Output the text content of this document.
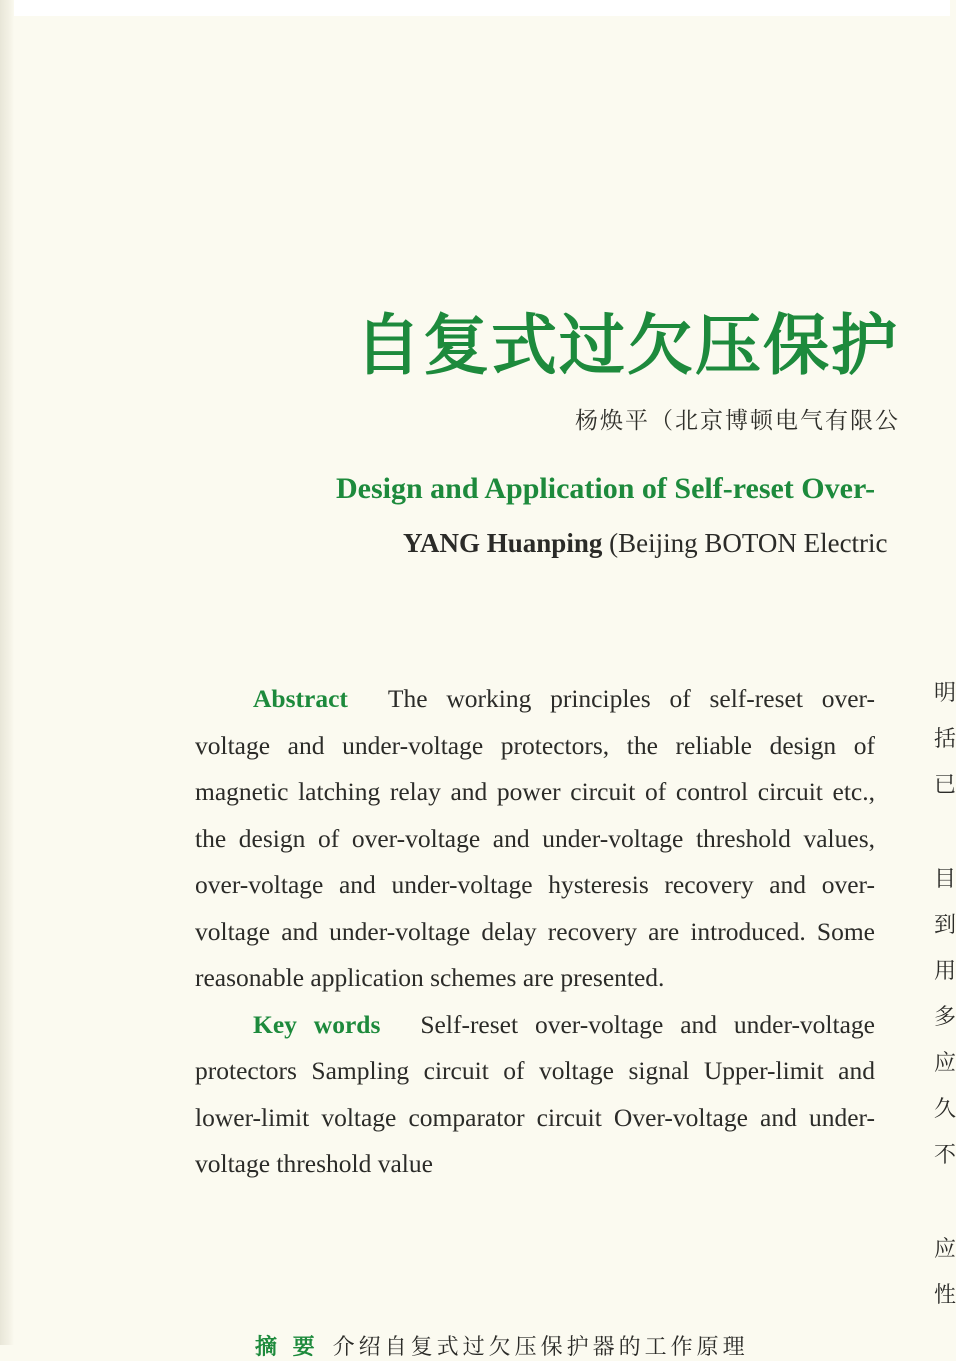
自复式过欠压保护
杨焕平（北京博顿电气有限公
Design and Application of Self-reset Over-
YANG Huanping (Beijing BOTON Electric

Abstract The working principles of self-reset over-voltage and under-voltage protectors, the reliable design of magnetic latching relay and power circuit of control circuit etc., the design of over-voltage and under-voltage threshold values, over-voltage and under-voltage hysteresis recovery and over-voltage and under-voltage delay recovery are introduced. Some reasonable application schemes are presented.

Key words Self-reset over-voltage and under-voltage protectors Sampling circuit of voltage signal Upper-limit and lower-limit voltage comparator circuit Over-voltage and under-voltage threshold value

摘 要 介绍自复式过欠压保护器的工作原理
明
括
已
目
到
用
多
应
久
不
应
性
